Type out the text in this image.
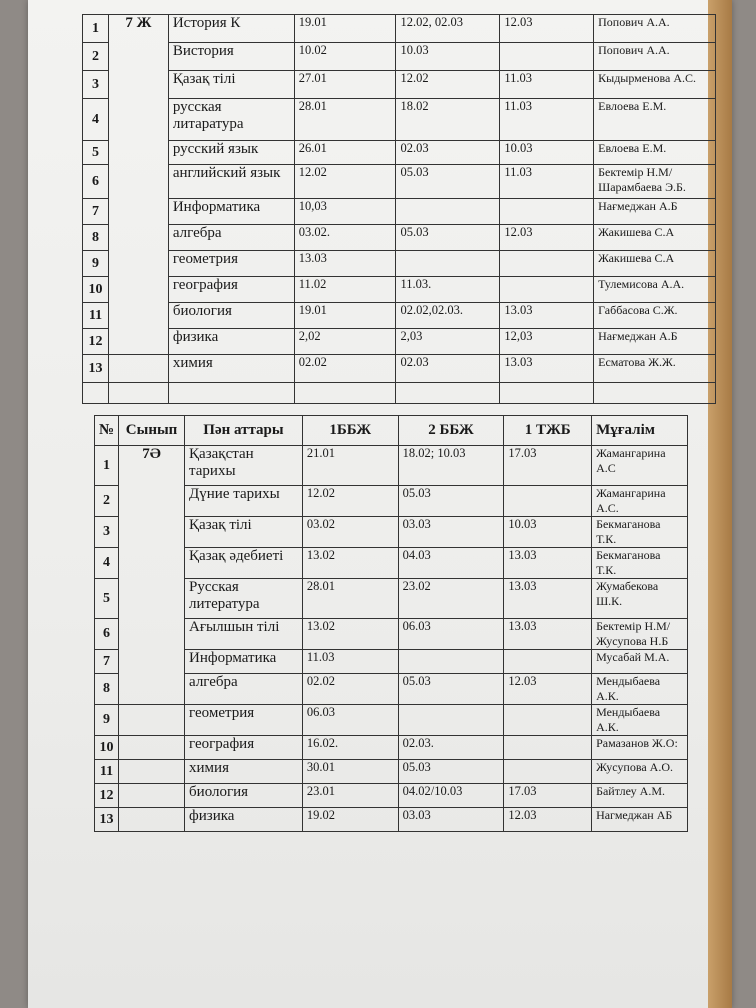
1	7 Ж	История К	19.01	12.02, 02.03	12.03	Попович А.А.
2		Вистория	10.02	10.03		Попович А.А.
3		Қазақ тілі	27.01	12.02	11.03	Кыдырменова А.С.
4		русская литаратура	28.01	18.02	11.03	Евлоева Е.М.
5		русский язык	26.01	02.03	10.03	Евлоева Е.М.
6		английский язык	12.02	05.03	11.03	Бектемір Н.М/ Шарамбаева Э.Б.
7		Информатика	10,03			Нағмеджан А.Б
8		алгебра	03.02.	05.03	12.03	Жакишева С.А
9		геометрия	13.03			Жакишева С.А
10		география	11.02	11.03.		Тулемисова А.А.
11		биология	19.01	02.02,02.03.	13.03	Габбасова С.Ж.
12		физика	2,02	2,03	12,03	Нағмеджан А.Б
13		химия	02.02	02.03	13.03	Есматова Ж.Ж.

№	Сынып	Пән аттары	1ББЖ	2 ББЖ	1 ТЖБ	Мұғалім
1	7Ә	Қазақстан тарихы	21.01	18.02; 10.03	17.03	Жамангарина А.С
2		Дүние тарихы	12.02	05.03		Жамангарина А.С.
3		Қазақ тілі	03.02	03.03	10.03	Бекмаганова Т.К.
4		Қазақ әдебиеті	13.02	04.03	13.03	Бекмаганова Т.К.
5		Русская литература	28.01	23.02	13.03	Жумабекова Ш.К.
6		Ағылшын тілі	13.02	06.03	13.03	Бектемір Н.М/Жусупова Н.Б
7		Информатика	11.03			Мусабай М.А.
8		алгебра	02.02	05.03	12.03	Мендыбаева А.К.
9		геометрия	06.03			Мендыбаева А.К.
10		география	16.02.	02.03.		Рамазанов Ж.О:
11		химия	30.01	05.03		Жусупова А.О.
12		биология	23.01	04.02/10.03	17.03	Байтлеу А.М.
13		физика	19.02	03.03	12.03	Нагмеджан АБ
